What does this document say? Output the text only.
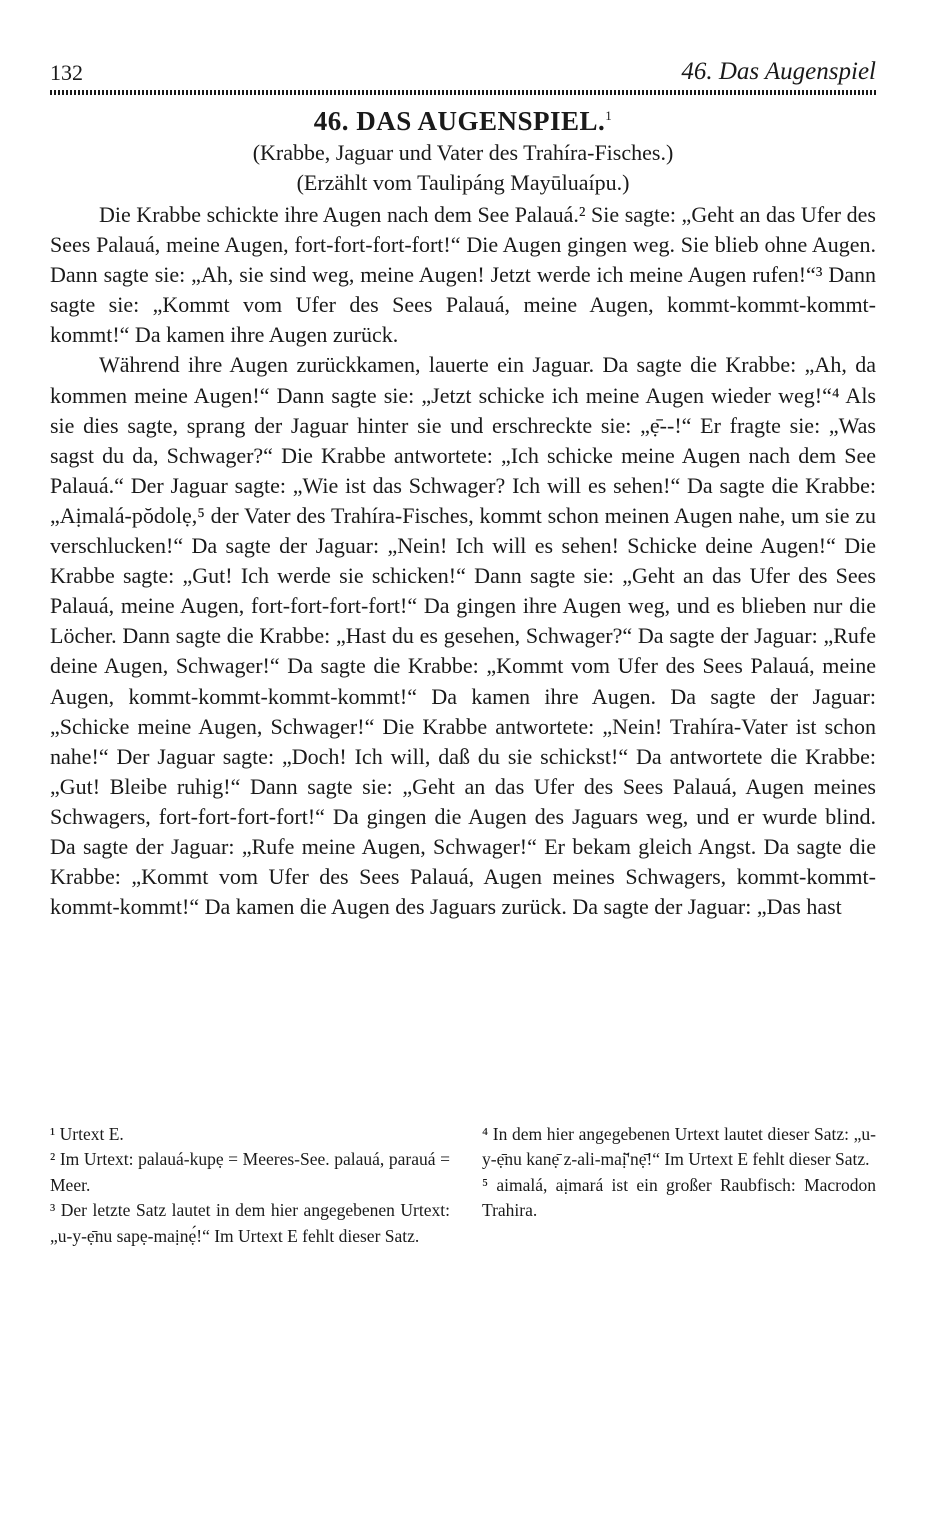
132	46. Das Augenspiel
46. DAS AUGENSPIEL.$^1$
(Krabbe, Jaguar und Vater des Trahíra-Fisches.)
(Erzählt vom Taulipáng Mayūluaípu.)

Die Krabbe schickte ihre Augen nach dem See Palauá.² Sie sagte: „Geht an das Ufer des Sees Palauá, meine Augen, fort-fort-fort-fort!“ Die Augen gingen weg. Sie blieb ohne Augen. Dann sagte sie: „Ah, sie sind weg, meine Augen! Jetzt werde ich meine Augen rufen!“³ Dann sagte sie: „Kommt vom Ufer des Sees Palauá, meine Augen, kommt-kommt-kommt-kommt!“ Da kamen ihre Augen zurück.

Während ihre Augen zurückkamen, lauerte ein Jaguar. Da sagte die Krabbe: „Ah, da kommen meine Augen!“ Dann sagte sie: „Jetzt schicke ich meine Augen wieder weg!“⁴ Als sie dies sagte, sprang der Jaguar hinter sie und erschreckte sie: „ẹ̄--!“ Er fragte sie: „Was sagst du da, Schwager?“ Die Krabbe antwortete: „Ich schicke meine Augen nach dem See Palauá.“ Der Jaguar sagte: „Wie ist das Schwager? Ich will es sehen!“ Da sagte die Krabbe: „Aịmalá-pŏdolẹ,⁵ der Vater des Trahíra-Fisches, kommt schon meinen Augen nahe, um sie zu verschlucken!“ Da sagte der Jaguar: „Nein! Ich will es sehen! Schicke deine Augen!“ Die Krabbe sagte: „Gut! Ich werde sie schicken!“ Dann sagte sie: „Geht an das Ufer des Sees Palauá, meine Augen, fort-fort-fort-fort!“ Da gingen ihre Augen weg, und es blieben nur die Löcher. Dann sagte die Krabbe: „Hast du es gesehen, Schwager?“ Da sagte der Jaguar: „Rufe deine Augen, Schwager!“ Da sagte die Krabbe: „Kommt vom Ufer des Sees Palauá, meine Augen, kommt-kommt-kommt-kommt!“ Da kamen ihre Augen. Da sagte der Jaguar: „Schicke meine Augen, Schwager!“ Die Krabbe antwortete: „Nein! Trahíra-Vater ist schon nahe!“ Der Jaguar sagte: „Doch! Ich will, daß du sie schickst!“ Da antwortete die Krabbe: „Gut! Bleibe ruhig!“ Dann sagte sie: „Geht an das Ufer des Sees Palauá, Augen meines Schwagers, fort-fort-fort-fort!“ Da gingen die Augen des Jaguars weg, und er wurde blind. Da sagte der Jaguar: „Rufe meine Augen, Schwager!“ Er bekam gleich Angst. Da sagte die Krabbe: „Kommt vom Ufer des Sees Palauá, Augen meines Schwagers, kommt-kommt-kommt-kommt!“ Da kamen die Augen des Jaguars zurück. Da sagte der Jaguar: „Das hast

¹ Urtext E.

² Im Urtext: palauá-kupẹ = Meeres-See. palauá, parauá = Meer.

³ Der letzte Satz lautet in dem hier angegebenen Urtext: „u-y-ẹ̄nu sapẹ-maịnẹ́!“ Im Urtext E fehlt dieser Satz.

⁴ In dem hier angegebenen Urtext lautet dieser Satz: „u-y-ẹ̄nu kanẹ̄ z-ali-maị̆'nẹ̄!“ Im Urtext E fehlt dieser Satz.

⁵ aimalá, aịmará ist ein großer Raubfisch: Macrodon Trahira.
